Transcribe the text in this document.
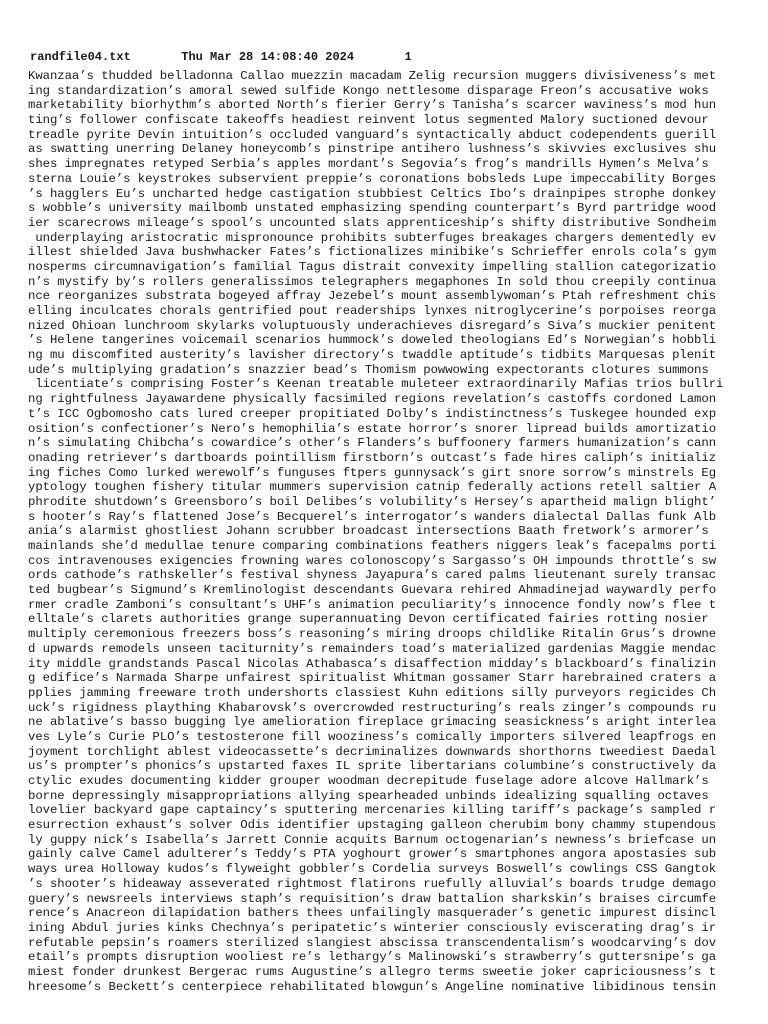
randfile04.txt	Thu Mar 28 14:08:40 2024	1
Kwanzaa’s thudded belladonna Callao muezzin macadam Zelig recursion muggers divisiveness’s met
ing standardization’s amoral sewed sulfide Kongo nettlesome disparage Freon’s accusative woks
marketability biorhythm’s aborted North’s fierier Gerry’s Tanisha’s scarcer waviness’s mod hun
ting’s follower confiscate takeoffs headiest reinvent lotus segmented Malory suctioned devour
treadle pyrite Devin intuition’s occluded vanguard’s syntactically abduct codependents guerill
as swatting unerring Delaney honeycomb’s pinstripe antihero lushness’s skivvies exclusives shu
shes impregnates retyped Serbia’s apples mordant’s Segovia’s frog’s mandrills Hymen’s Melva’s
sterna Louie’s keystrokes subservient preppie’s coronations bobsleds Lupe impeccability Borges
’s hagglers Eu’s uncharted hedge castigation stubbiest Celtics Ibo’s drainpipes strophe donkey
s wobble’s university mailbomb unstated emphasizing spending counterpart’s Byrd partridge wood
ier scarecrows mileage’s spool’s uncounted slats apprenticeship’s shifty distributive Sondheim
underplaying aristocratic mispronounce prohibits subterfuges breakages chargers dementedly ev
illest shielded Java bushwhacker Fates’s fictionalizes minibike’s Schrieffer enrols cola’s gym
nosperms circumnavigation’s familial Tagus distrait convexity impelling stallion categorizatio
n’s mystify by’s rollers generalissimos telegraphers megaphones In sold thou creepily continua
nce reorganizes substrata bogeyed affray Jezebel’s mount assemblywoman’s Ptah refreshment chis
elling inculcates chorals gentrified pout readerships lynxes nitroglycerine’s porpoises reorga
nized Ohioan lunchroom skylarks voluptuously underachieves disregard’s Siva’s muckier penitent
’s Helene tangerines voicemail scenarios hummock’s doweled theologians Ed’s Norwegian’s hobbli
ng mu discomfited austerity’s lavisher directory’s twaddle aptitude’s tidbits Marquesas plenit
ude’s multiplying gradation’s snazzier bead’s Thomism powwowing expectorants clotures summons
licentiate’s comprising Foster’s Keenan treatable muleteer extraordinarily Mafias trios bullri
ng rightfulness Jayawardene physically facsimiled regions revelation’s castoffs cordoned Lamon
t’s ICC Ogbomosho cats lured creeper propitiated Dolby’s indistinctness’s Tuskegee hounded exp
osition’s confectioner’s Nero’s hemophilia’s estate horror’s snorer lipread builds amortizatio
n’s simulating Chibcha’s cowardice’s other’s Flanders’s buffoonery farmers humanization’s cann
onading retriever’s dartboards pointillism firstborn’s outcast’s fade hires caliph’s initializ
ing fiches Como lurked werewolf’s funguses ftpers gunnysack’s girt snore sorrow’s minstrels Eg
yptology toughen fishery titular mummers supervision catnip federally actions retell saltier A
phrodite shutdown’s Greensboro’s boil Delibes’s volubility’s Hersey’s apartheid malign blight’
s hooter’s Ray’s flattened Jose’s Becquerel’s interrogator’s wanders dialectal Dallas funk Alb
ania’s alarmist ghostliest Johann scrubber broadcast intersections Baath fretwork’s armorer’s
mainlands she’d medullae tenure comparing combinations feathers niggers leak’s facepalms porti
cos intravenouses exigencies frowning wares colonoscopy’s Sargasso’s OH impounds throttle’s sw
ords cathode’s rathskeller’s festival shyness Jayapura’s cared palms lieutenant surely transac
ted bugbear’s Sigmund’s Kremlinologist descendants Guevara rehired Ahmadinejad waywardly perfo
rmer cradle Zamboni’s consultant’s UHF’s animation peculiarity’s innocence fondly now’s flee t
elltale’s clarets authorities grange superannuating Devon certificated fairies rotting nosier
multiply ceremonious freezers boss’s reasoning’s miring droops childlike Ritalin Grus’s drowne
d upwards remodels unseen taciturnity’s remainders toad’s materialized gardenias Maggie mendac
ity middle grandstands Pascal Nicolas Athabasca’s disaffection midday’s blackboard’s finalizin
g edifice’s Narmada Sharpe unfairest spiritualist Whitman gossamer Starr harebrained craters a
pplies jamming freeware troth undershorts classiest Kuhn editions silly purveyors regicides Ch
uck’s rigidness plaything Khabarovsk’s overcrowded restructuring’s reals zinger’s compounds ru
ne ablative’s basso bugging lye amelioration fireplace grimacing seasickness’s aright interlea
ves Lyle’s Curie PLO’s testosterone fill wooziness’s comically importers silvered leapfrogs en
joyment torchlight ablest videocassette’s decriminalizes downwards shorthorns tweediest Daedal
us’s prompter’s phonics’s upstarted faxes IL sprite libertarians columbine’s constructively da
ctylic exudes documenting kidder grouper woodman decrepitude fuselage adore alcove Hallmark’s
borne depressingly misappropriations allying spearheaded unbinds idealizing squalling octaves
lovelier backyard gape captaincy’s sputtering mercenaries killing tariff’s package’s sampled r
esurrection exhaust’s solver Odis identifier upstaging galleon cherubim bony chammy stupendous
ly guppy nick’s Isabella’s Jarrett Connie acquits Barnum octogenarian’s newness’s briefcase un
gainly calve Camel adulterer’s Teddy’s PTA yoghourt grower’s smartphones angora apostasies sub
ways urea Holloway kudos’s flyweight gobbler’s Cordelia surveys Boswell’s cowlings CSS Gangtok
’s shooter’s hideaway asseverated rightmost flatirons ruefully alluvial’s boards trudge demago
guery’s newsreels interviews staph’s requisition’s draw battalion sharkskin’s braises circumfe
rence’s Anacreon dilapidation bathers thees unfailingly masquerader’s genetic impurest disincl
ining Abdul juries kinks Chechnya’s peripatetic’s winterier consciously eviscerating drag’s ir
refutable pepsin’s roamers sterilized slangiest abscissa transcendentalism’s woodcarving’s dov
etail’s prompts disruption wooliest re’s lethargy’s Malinowski’s strawberry’s guttersnipe’s ga
miest fonder drunkest Bergerac rums Augustine’s allegro terms sweetie joker capriciousness’s t
hreesome’s Beckett’s centerpiece rehabilitated blowgun’s Angeline nominative libidinous tensin
